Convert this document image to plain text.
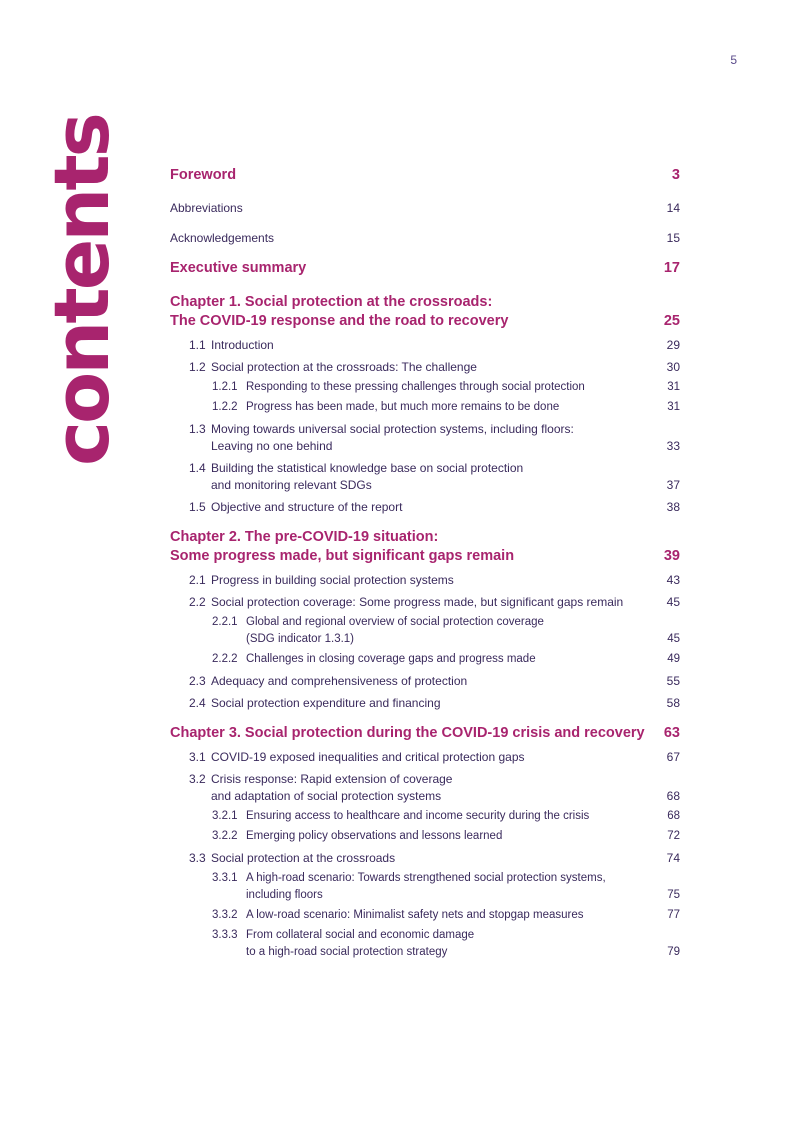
5
contents	Foreword	3
Abbreviations	14
Acknowledgements	15
Executive summary	17
Chapter 1. Social protection at the crossroads:
The COVID-19 response and the road to recovery	25
1.1 Introduction	29
1.2 Social protection at the crossroads: The challenge	30
1.2.1 Responding to these pressing challenges through social protection	31
1.2.2 Progress has been made, but much more remains to be done	31
1.3 Moving towards universal social protection systems, including floors:
Leaving no one behind	33
1.4 Building the statistical knowledge base on social protection
and monitoring relevant SDGs	37
1.5 Objective and structure of the report	38
Chapter 2. The pre-COVID-19 situation:
Some progress made, but significant gaps remain	39
2.1 Progress in building social protection systems	43
2.2 Social protection coverage: Some progress made, but significant gaps remain	45
2.2.1 Global and regional overview of social protection coverage
(SDG indicator 1.3.1)	45
2.2.2 Challenges in closing coverage gaps and progress made	49
2.3 Adequacy and comprehensiveness of protection	55
2.4 Social protection expenditure and financing	58
Chapter 3. Social protection during the COVID-19 crisis and recovery	63
3.1 COVID-19 exposed inequalities and critical protection gaps	67
3.2 Crisis response: Rapid extension of coverage
and adaptation of social protection systems	68
3.2.1 Ensuring access to healthcare and income security during the crisis	68
3.2.2 Emerging policy observations and lessons learned	72
3.3 Social protection at the crossroads	74
3.3.1 A high-road scenario: Towards strengthened social protection systems,
including floors	75
3.3.2 A low-road scenario: Minimalist safety nets and stopgap measures	77
3.3.3 From collateral social and economic damage
to a high-road social protection strategy	79
